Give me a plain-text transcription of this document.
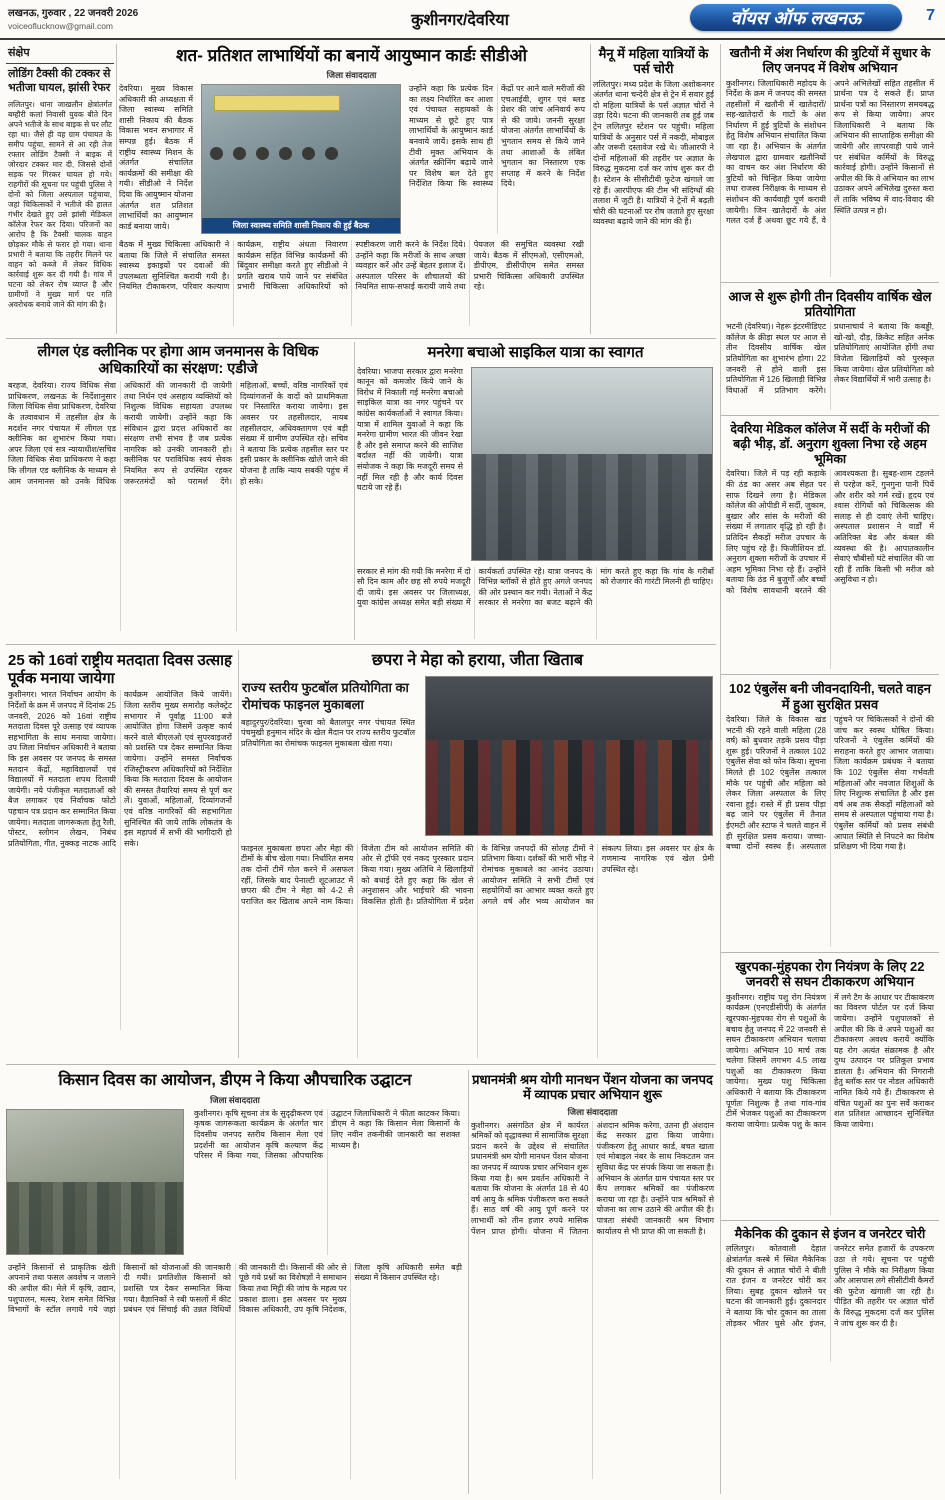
लखनऊ, गुरुवार , 22 जनवरी 2026
voiceoflucknow@gmail.com	कुशीनगर/देवरिया	वॉयस ऑफ लखनऊ	7
संक्षेप
लोडिंग टैक्सी की टक्कर से भतीजा घायल, झांसी रेफर
ललितपुर। थाना जाखलौन क्षेत्रांतर्गत बम्हौरी कलां निवासी युवक बीते दिन अपने भतीजे के साथ बाइक से घर लौट रहा था। जैसे ही वह ग्राम पंचायत के समीप पहुंचा, सामने से आ रही तेज रफ्तार लोडिंग टैक्सी ने बाइक में जोरदार टक्कर मार दी, जिससे दोनों सड़क पर गिरकर घायल हो गये। राहगीरों की सूचना पर पहुंची पुलिस ने दोनों को जिला अस्पताल पहुंचाया, जहां चिकित्सकों ने भतीजे की हालत गंभीर देखते हुए उसे झांसी मेडिकल कॉलेज रेफर कर दिया। परिजनों का आरोप है कि टैक्सी चालक वाहन छोड़कर मौके से फरार हो गया। थाना प्रभारी ने बताया कि तहरीर मिलने पर वाहन को कब्जे में लेकर विधिक कार्रवाई शुरू कर दी गयी है। गांव में घटना को लेकर रोष व्याप्त है और ग्रामीणों ने मुख्य मार्ग पर गति अवरोधक बनाये जाने की मांग की है।
शत- प्रतिशत लाभार्थियों का बनायें आयुष्मान कार्डः सीडीओ
जिला संवाददाता
देवरिया। मुख्य विकास अधिकारी की अध्यक्षता में जिला स्वास्थ्य समिति शासी निकाय की बैठक विकास भवन सभागार में सम्पन्न हुई। बैठक में राष्ट्रीय स्वास्थ्य मिशन के अंतर्गत संचालित कार्यक्रमों की समीक्षा की गयी। सीडीओ ने निर्देश दिया कि आयुष्मान योजना अंतर्गत शत प्रतिशत लाभार्थियों का आयुष्मान कार्ड बनाया जाये।	जिला स्वास्थ्य समिति शासी निकाय की हुई बैठक
उन्होंने कहा कि प्रत्येक दिन का लक्ष्य निर्धारित कर आशा एवं पंचायत सहायकों के माध्यम से छूटे हुए पात्र लाभार्थियों के आयुष्मान कार्ड बनवाये जायें। इसके साथ ही टीवी मुक्त अभियान के अंतर्गत स्क्रीनिंग बढ़ाये जाने पर विशेष बल देते हुए निर्देशित किया कि स्वास्थ्य केंद्रों पर आने वाले मरीजों की एचआईवी, शुगर एवं ब्लड प्रेशर की जांच अनिवार्य रूप से की जाये। जननी सुरक्षा योजना अंतर्गत लाभार्थियों के भुगतान समय से किये जाने तथा आशाओं के लंबित भुगतान का निस्तारण एक सप्ताह में करने के निर्देश दिये।
बैठक में मुख्य चिकित्सा अधिकारी ने बताया कि जिले में संचालित समस्त स्वास्थ्य इकाइयों पर दवाओं की उपलब्धता सुनिश्चित करायी गयी है। नियमित टीकाकरण, परिवार कल्याण कार्यक्रम, राष्ट्रीय अंधता निवारण कार्यक्रम सहित विभिन्न कार्यक्रमों की बिंदुवार समीक्षा करते हुए सीडीओ ने प्रगति खराब पाये जाने पर संबंधित प्रभारी चिकित्सा अधिकारियों को स्पष्टीकरण जारी करने के निर्देश दिये। उन्होंने कहा कि मरीजों के साथ अच्छा व्यवहार करें और उन्हें बेहतर इलाज दें। अस्पताल परिसर के शौचालयों की नियमित साफ-सफाई करायी जाये तथा पेयजल की समुचित व्यवस्था रखी जाये। बैठक में सीएमओ, एसीएमओ, डीपीएम, डीसीपीएम समेत समस्त प्रभारी चिकित्सा अधिकारी उपस्थित रहे।
मैनू में महिला यात्रियों के पर्स चोरी
ललितपुर। मध्य प्रदेश के जिला अशोकनगर अंतर्गत थाना चन्देरी क्षेत्र से ट्रेन में सवार हुई दो महिला यात्रियों के पर्स अज्ञात चोरों ने उड़ा दिये। घटना की जानकारी तब हुई जब ट्रेन ललितपुर स्टेशन पर पहुंची। महिला यात्रियों के अनुसार पर्स में नकदी, मोबाइल और जरूरी दस्तावेज रखे थे। जीआरपी ने दोनों महिलाओं की तहरीर पर अज्ञात के विरुद्ध मुकदमा दर्ज कर जांच शुरू कर दी है। स्टेशन के सीसीटीवी फुटेज खंगाले जा रहे हैं। आरपीएफ की टीम भी संदिग्धों की तलाश में जुटी है। यात्रियों ने ट्रेनों में बढ़ती चोरी की घटनाओं पर रोष जताते हुए सुरक्षा व्यवस्था बढ़ाये जाने की मांग की है।
खतौनी में अंश निर्धारण की त्रुटियों में सुधार के लिए जनपद में विशेष अभियान
कुशीनगर। जिलाधिकारी महोदय के निर्देश के क्रम में जनपद की समस्त तहसीलों में खतौनी में खातेदारों/सह-खातेदारों के गाटों के अंश निर्धारण में हुई त्रुटियों के संशोधन हेतु विशेष अभियान संचालित किया जा रहा है। अभियान के अंतर्गत लेखपाल द्वारा ग्रामवार खतौनियों का वाचन कर अंश निर्धारण की त्रुटियों को चिन्हित किया जायेगा तथा राजस्व निरीक्षक के माध्यम से संशोधन की कार्यवाही पूर्ण करायी जायेगी। जिन खातेदारों के अंश गलत दर्ज हैं अथवा छूट गये हैं, वे अपने अभिलेखों सहित तहसील में प्रार्थना पत्र दे सकते हैं। प्राप्त प्रार्थना पत्रों का निस्तारण समयबद्ध रूप से किया जायेगा। अपर जिलाधिकारी ने बताया कि अभियान की साप्ताहिक समीक्षा की जायेगी और लापरवाही पाये जाने पर संबंधित कर्मियों के विरुद्ध कार्रवाई होगी। उन्होंने किसानों से अपील की कि वे अभियान का लाभ उठाकर अपने अभिलेख दुरुस्त करा लें ताकि भविष्य में वाद-विवाद की स्थिति उत्पन्न न हो।
आज से शुरू होगी तीन दिवसीय वार्षिक खेल प्रतियोगिता
भटनी (देवरिया)। नेहरू इंटरमीडिएट कॉलेज के क्रीड़ा स्थल पर आज से तीन दिवसीय वार्षिक खेल प्रतियोगिता का शुभारंभ होगा। 22 जनवरी से होने वाली इस प्रतियोगिता में 126 खिलाड़ी विभिन्न विधाओं में प्रतिभाग करेंगे। प्रधानाचार्य ने बताया कि कबड्डी, खो-खो, दौड़, क्रिकेट सहित अनेक प्रतियोगिताएं आयोजित होंगी तथा विजेता खिलाड़ियों को पुरस्कृत किया जायेगा। खेल प्रतियोगिता को लेकर विद्यार्थियों में भारी उत्साह है।
देवरिया मेडिकल कॉलेज में सर्दी के मरीजों की बढ़ी भीड़, डॉ. अनुराग शुक्ला निभा रहे अहम भूमिका
देवरिया। जिले में पड़ रही कड़ाके की ठंड का असर अब सेहत पर साफ दिखने लगा है। मेडिकल कॉलेज की ओपीडी में सर्दी, जुकाम, बुखार और सांस के मरीजों की संख्या में लगातार वृद्धि हो रही है। प्रतिदिन सैकड़ों मरीज उपचार के लिए पहुंच रहे हैं। फिजीशियन डॉ. अनुराग शुक्ला मरीजों के उपचार में अहम भूमिका निभा रहे हैं। उन्होंने बताया कि ठंड में बुजुर्गों और बच्चों को विशेष सावधानी बरतने की आवश्यकता है। सुबह-शाम टहलने से परहेज करें, गुनगुना पानी पियें और शरीर को गर्म रखें। हृदय एवं श्वास रोगियों को चिकित्सक की सलाह से ही दवाएं लेनी चाहिए। अस्पताल प्रशासन ने वार्डों में अतिरिक्त बेड और कंबल की व्यवस्था की है। आपातकालीन सेवाएं चौबीसों घंटे संचालित की जा रही हैं ताकि किसी भी मरीज को असुविधा न हो।
102 एंबुलेंस बनी जीवनदायिनी, चलते वाहन में हुआ सुरक्षित प्रसव
देवरिया। जिले के विकास खंड भटनी की रहने वाली महिला (28 वर्ष) को बुधवार तड़के प्रसव पीड़ा शुरू हुई। परिजनों ने तत्काल 102 एंबुलेंस सेवा को फोन किया। सूचना मिलते ही 102 एंबुलेंस तत्काल मौके पर पहुंची और महिला को लेकर जिला अस्पताल के लिए रवाना हुई। रास्ते में ही प्रसव पीड़ा बढ़ जाने पर एंबुलेंस में तैनात ईएमटी और स्टाफ ने चलते वाहन में ही सुरक्षित प्रसव कराया। जच्चा-बच्चा दोनों स्वस्थ हैं। अस्पताल पहुंचने पर चिकित्सकों ने दोनों की जांच कर स्वस्थ घोषित किया। परिजनों ने एंबुलेंस कर्मियों की सराहना करते हुए आभार जताया। जिला कार्यक्रम प्रबंधक ने बताया कि 102 एंबुलेंस सेवा गर्भवती महिलाओं और नवजात शिशुओं के लिए निशुल्क संचालित है और इस वर्ष अब तक सैकड़ों महिलाओं को समय से अस्पताल पहुंचाया गया है। एंबुलेंस कर्मियों को प्रसव संबंधी आपात स्थिति से निपटने का विशेष प्रशिक्षण भी दिया गया है।
खुरपका-मुंहपका रोग नियंत्रण के लिए 22 जनवरी से सघन टीकाकरण अभियान
कुशीनगर। राष्ट्रीय पशु रोग नियंत्रण कार्यक्रम (एनएडीसीपी) के अंतर्गत खुरपका-मुंहपका रोग से पशुओं के बचाव हेतु जनपद में 22 जनवरी से सघन टीकाकरण अभियान चलाया जायेगा। अभियान 10 मार्च तक चलेगा जिसमें लगभग 4.5 लाख पशुओं का टीकाकरण किया जायेगा। मुख्य पशु चिकित्सा अधिकारी ने बताया कि टीकाकरण पूर्णतः निशुल्क है तथा गांव-गांव टीमें भेजकर पशुओं का टीकाकरण कराया जायेगा। प्रत्येक पशु के कान में लगे टैग के आधार पर टीकाकरण का विवरण पोर्टल पर दर्ज किया जायेगा। उन्होंने पशुपालकों से अपील की कि वे अपने पशुओं का टीकाकरण अवश्य करायें क्योंकि यह रोग अत्यंत संक्रामक है और दुग्ध उत्पादन पर प्रतिकूल प्रभाव डालता है। अभियान की निगरानी हेतु ब्लॉक स्तर पर नोडल अधिकारी नामित किये गये हैं। टीकाकरण से वंचित पशुओं का पुनः सर्वे कराकर शत प्रतिशत आच्छादन सुनिश्चित किया जायेगा।
मैकेनिक की दुकान से इंजन व जनरेटर चोरी
ललितपुर। कोतवाली देहात क्षेत्रांतर्गत कस्बे में स्थित मैकेनिक की दुकान से अज्ञात चोरों ने बीती रात इंजन व जनरेटर चोरी कर लिया। सुबह दुकान खोलने पर घटना की जानकारी हुई। दुकानदार ने बताया कि चोर दुकान का ताला तोड़कर भीतर घुसे और इंजन, जनरेटर समेत हजारों के उपकरण उठा ले गये। सूचना पर पहुंची पुलिस ने मौके का निरीक्षण किया और आसपास लगे सीसीटीवी कैमरों की फुटेज खंगाली जा रही है। पीड़ित की तहरीर पर अज्ञात चोरों के विरुद्ध मुकदमा दर्ज कर पुलिस ने जांच शुरू कर दी है।
लीगल एंड क्लीनिक पर होगा आम जनमानस के विधिक अधिकारियों का संरक्षण: एडीजे
बरहज, देवरिया। राज्य विधिक सेवा प्राधिकरण, लखनऊ के निर्देशानुसार जिला विधिक सेवा प्राधिकरण, देवरिया के तत्वावधान में तहसील क्षेत्र के मदर्शन नगर पंचायत में लीगल एड क्लीनिक का शुभारंभ किया गया। अपर जिला एवं सत्र न्यायाधीश/सचिव जिला विधिक सेवा प्राधिकरण ने कहा कि लीगल एड क्लीनिक के माध्यम से आम जनमानस को उनके विधिक अधिकारों की जानकारी दी जायेगी तथा निर्धन एवं असहाय व्यक्तियों को निशुल्क विधिक सहायता उपलब्ध करायी जायेगी। उन्होंने कहा कि संविधान द्वारा प्रदत्त अधिकारों का संरक्षण तभी संभव है जब प्रत्येक नागरिक को उनकी जानकारी हो। क्लीनिक पर पराविधिक स्वयं सेवक नियमित रूप से उपस्थित रहकर जरूरतमंदों को परामर्श देंगे। महिलाओं, बच्चों, वरिष्ठ नागरिकों एवं दिव्यांगजनों के वादों को प्राथमिकता पर निस्तारित कराया जायेगा। इस अवसर पर तहसीलदार, नायब तहसीलदार, अधिवक्तागण एवं बड़ी संख्या में ग्रामीण उपस्थित रहे। सचिव ने बताया कि प्रत्येक तहसील स्तर पर इसी प्रकार के क्लीनिक खोले जाने की योजना है ताकि न्याय सबकी पहुंच में हो सके।
मनरेगा बचाओ साइकिल यात्रा का स्वागत
देवरिया। भाजपा सरकार द्वारा मनरेगा कानून को कमजोर किये जाने के विरोध में निकाली गई मनरेगा बचाओ साइकिल यात्रा का नगर पहुंचने पर कांग्रेस कार्यकर्ताओं ने स्वागत किया। यात्रा में शामिल युवाओं ने कहा कि मनरेगा ग्रामीण भारत की जीवन रेखा है और इसे समाप्त करने की साजिश बर्दाश्त नहीं की जायेगी। यात्रा संयोजक ने कहा कि मजदूरी समय से नहीं मिल रही है और कार्य दिवस घटाये जा रहे हैं।
सरकार से मांग की गयी कि मनरेगा में दो सौ दिन काम और छह सौ रुपये मजदूरी दी जाये। इस अवसर पर जिलाध्यक्ष, युवा कांग्रेस अध्यक्ष समेत बड़ी संख्या में कार्यकर्ता उपस्थित रहे। यात्रा जनपद के विभिन्न ब्लॉकों से होते हुए अगले जनपद की ओर प्रस्थान कर गयी। नेताओं ने केंद्र सरकार से मनरेगा का बजट बढ़ाने की मांग करते हुए कहा कि गांव के गरीबों को रोजगार की गारंटी मिलनी ही चाहिए।
25 को 16वां राष्ट्रीय मतदाता दिवस उत्साह पूर्वक मनाया जायेगा
कुशीनगर। भारत निर्वाचन आयोग के निर्देशों के क्रम में जनपद में दिनांक 25 जनवरी, 2026 को 16वां राष्ट्रीय मतदाता दिवस पूरे उत्साह एवं व्यापक सहभागिता के साथ मनाया जायेगा। उप जिला निर्वाचन अधिकारी ने बताया कि इस अवसर पर जनपद के समस्त मतदान केंद्रों, महाविद्यालयों एवं विद्यालयों में मतदाता शपथ दिलायी जायेगी। नये पंजीकृत मतदाताओं को बैज लगाकर एवं निर्वाचक फोटो पहचान पत्र प्रदान कर सम्मानित किया जायेगा। मतदाता जागरूकता हेतु रैली, पोस्टर, स्लोगन लेखन, निबंध प्रतियोगिता, गीत, नुक्कड़ नाटक आदि कार्यक्रम आयोजित किये जायेंगे। जिला स्तरीय मुख्य समारोह कलेक्ट्रेट सभागार में पूर्वाह्न 11:00 बजे आयोजित होगा जिसमें उत्कृष्ट कार्य करने वाले बीएलओ एवं सुपरवाइजरों को प्रशस्ति पत्र देकर सम्मानित किया जायेगा। उन्होंने समस्त निर्वाचक रजिस्ट्रीकरण अधिकारियों को निर्देशित किया कि मतदाता दिवस के आयोजन की समस्त तैयारियां समय से पूर्ण कर लें। युवाओं, महिलाओं, दिव्यांगजनों एवं वरिष्ठ नागरिकों की सहभागिता सुनिश्चित की जाये ताकि लोकतंत्र के इस महापर्व में सभी की भागीदारी हो सके।
छपरा ने मेहा को हराया, जीता खिताब
राज्य स्तरीय फुटबॉल प्रतियोगिता का रोमांचक फाइनल मुकाबला
बहादुरपुर/देवरिया। चुरबा को बैतालपुर नगर पंचायत स्थित पंचमुखी हनुमान मंदिर के खेल मैदान पर राज्य स्तरीय फुटबॉल प्रतियोगिता का रोमांचक फाइनल मुकाबला खेला गया।
फाइनल मुकाबला छपरा और मेहा की टीमों के बीच खेला गया। निर्धारित समय तक दोनों टीमें गोल करने में असफल रहीं, जिसके बाद पेनाल्टी शूटआउट में छपरा की टीम ने मेहा को 4-2 से पराजित कर खिताब अपने नाम किया। विजेता टीम को आयोजन समिति की ओर से ट्रॉफी एवं नकद पुरस्कार प्रदान किया गया। मुख्य अतिथि ने खिलाड़ियों को बधाई देते हुए कहा कि खेल से अनुशासन और भाईचारे की भावना विकसित होती है। प्रतियोगिता में प्रदेश के विभिन्न जनपदों की सोलह टीमों ने प्रतिभाग किया। दर्शकों की भारी भीड़ ने रोमांचक मुकाबले का आनंद उठाया। आयोजन समिति ने सभी टीमों एवं सहयोगियों का आभार व्यक्त करते हुए अगले वर्ष और भव्य आयोजन का संकल्प लिया। इस अवसर पर क्षेत्र के गणमान्य नागरिक एवं खेल प्रेमी उपस्थित रहे।
किसान दिवस का आयोजन, डीएम ने किया औपचारिक उद्घाटन
जिला संवाददाता
कुशीनगर। कृषि सूचना तंत्र के सुदृढ़ीकरण एवं कृषक जागरूकता कार्यक्रम के अंतर्गत चार दिवसीय जनपद स्तरीय किसान मेला एवं प्रदर्शनी का आयोजन कृषि कल्याण केंद्र परिसर में किया गया, जिसका औपचारिक उद्घाटन जिलाधिकारी ने फीता काटकर किया। डीएम ने कहा कि किसान मेला किसानों के लिए नवीन तकनीकी जानकारी का सशक्त माध्यम है।
उन्होंने किसानों से प्राकृतिक खेती अपनाने तथा फसल अवशेष न जलाने की अपील की। मेले में कृषि, उद्यान, पशुपालन, मत्स्य, रेशम समेत विभिन्न विभागों के स्टॉल लगाये गये जहां किसानों को योजनाओं की जानकारी दी गयी। प्रगतिशील किसानों को प्रशस्ति पत्र देकर सम्मानित किया गया। वैज्ञानिकों ने रबी फसलों में कीट प्रबंधन एवं सिंचाई की उन्नत विधियों की जानकारी दी। किसानों की ओर से पूछे गये प्रश्नों का विशेषज्ञों ने समाधान किया तथा मिट्टी की जांच के महत्व पर प्रकाश डाला। इस अवसर पर मुख्य विकास अधिकारी, उप कृषि निदेशक, जिला कृषि अधिकारी समेत बड़ी संख्या में किसान उपस्थित रहे।
प्रधानमंत्री श्रम योगी मानधन पेंशन योजना का जनपद में व्यापक प्रचार अभियान शुरू
जिला संवाददाता
कुशीनगर। असंगठित क्षेत्र में कार्यरत श्रमिकों को वृद्धावस्था में सामाजिक सुरक्षा प्रदान करने के उद्देश्य से संचालित प्रधानमंत्री श्रम योगी मानधन पेंशन योजना का जनपद में व्यापक प्रचार अभियान शुरू किया गया है। श्रम प्रवर्तन अधिकारी ने बताया कि योजना के अंतर्गत 18 से 40 वर्ष आयु के श्रमिक पंजीकरण करा सकते हैं। साठ वर्ष की आयु पूर्ण करने पर लाभार्थी को तीन हजार रुपये मासिक पेंशन प्राप्त होगी। योजना में जितना अंशदान श्रमिक करेगा, उतना ही अंशदान केंद्र सरकार द्वारा किया जायेगा। पंजीकरण हेतु आधार कार्ड, बचत खाता एवं मोबाइल नंबर के साथ निकटतम जन सुविधा केंद्र पर संपर्क किया जा सकता है। अभियान के अंतर्गत ग्राम पंचायत स्तर पर कैंप लगाकर श्रमिकों का पंजीकरण कराया जा रहा है। उन्होंने पात्र श्रमिकों से योजना का लाभ उठाने की अपील की है। पात्रता संबंधी जानकारी श्रम विभाग कार्यालय से भी प्राप्त की जा सकती है।
